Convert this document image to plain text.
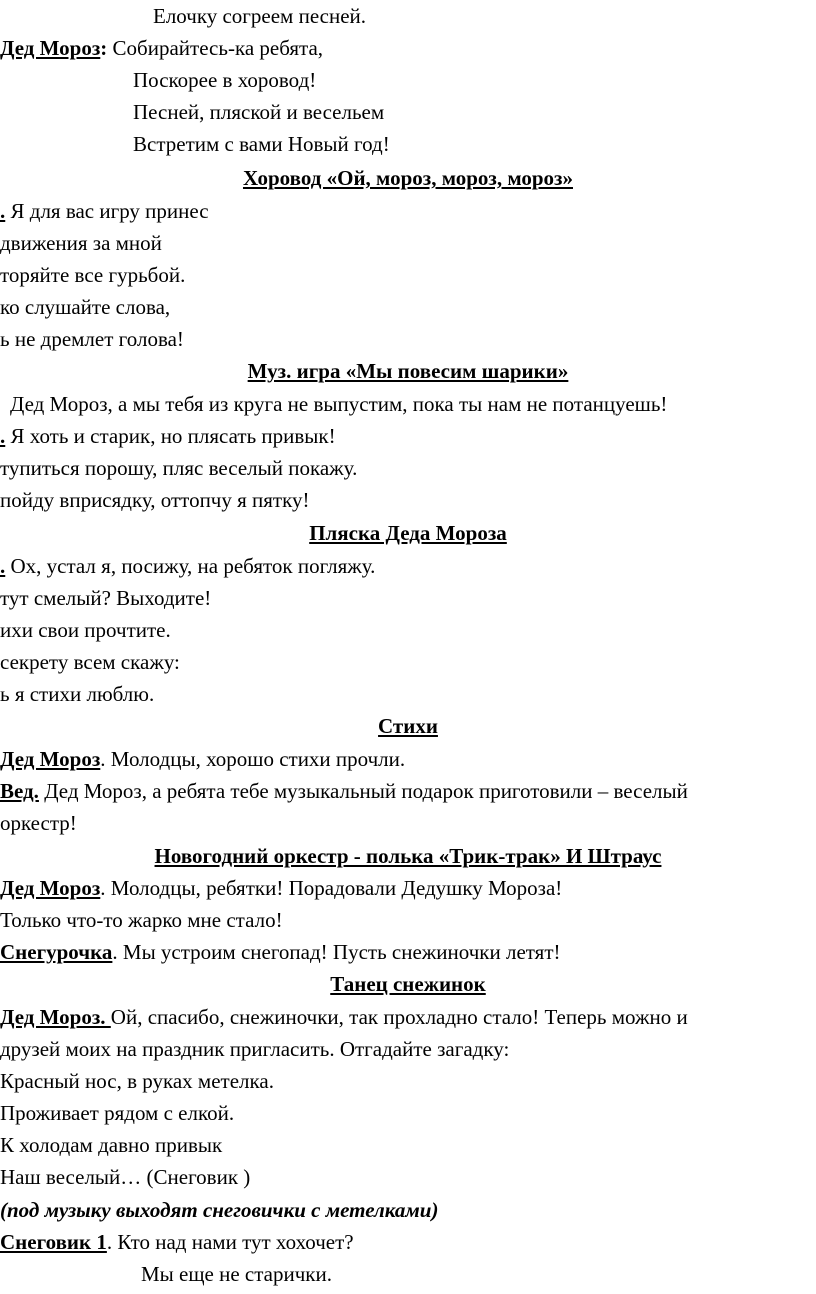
Елочку согреем песней.
Дед Мороз: Собирайтесь-ка ребята,
Поскорее в хоровод!
Песней, пляской и весельем
Встретим с вами Новый год!
Хоровод «Ой, мороз, мороз, мороз»
. Я для вас игру принес
движения за мной
торяйте все гурьбой.
ко слушайте слова,
ь не дремлет голова!
Муз. игра «Мы повесим шарики»
Дед Мороз, а мы тебя из круга не выпустим, пока ты нам не потанцуешь!
. Я хоть и старик, но плясать привык!
тупиться порошу, пляс веселый покажу.
пойду вприсядку, оттопчу я пятку!
Пляска Деда Мороза
. Ох, устал я, посижу, на ребяток погляжу.
тут смелый? Выходите!
ихи свои прочтите.
секрету всем скажу:
ь я стихи люблю.
Стихи
Дед Мороз. Молодцы, хорошо стихи прочли.
Вед. Дед Мороз, а ребята тебе музыкальный подарок приготовили – веселый
оркестр!
Новогодний оркестр - полька «Трик-трак» И Штраус
Дед Мороз. Молодцы, ребятки! Порадовали Дедушку Мороза!
Только что-то жарко мне стало!
Снегурочка. Мы устроим снегопад! Пусть снежиночки летят!
Танец снежинок
Дед Мороз. Ой, спасибо, снежиночки, так прохладно стало! Теперь можно и
друзей моих на праздник пригласить. Отгадайте загадку:
Красный нос, в руках метелка.
Проживает рядом с елкой.
К холодам давно привык
Наш веселый… (Снеговик )
(под музыку выходят снеговички с метелками)
Снеговик 1. Кто над нами тут хохочет?
Мы еще не старички.
